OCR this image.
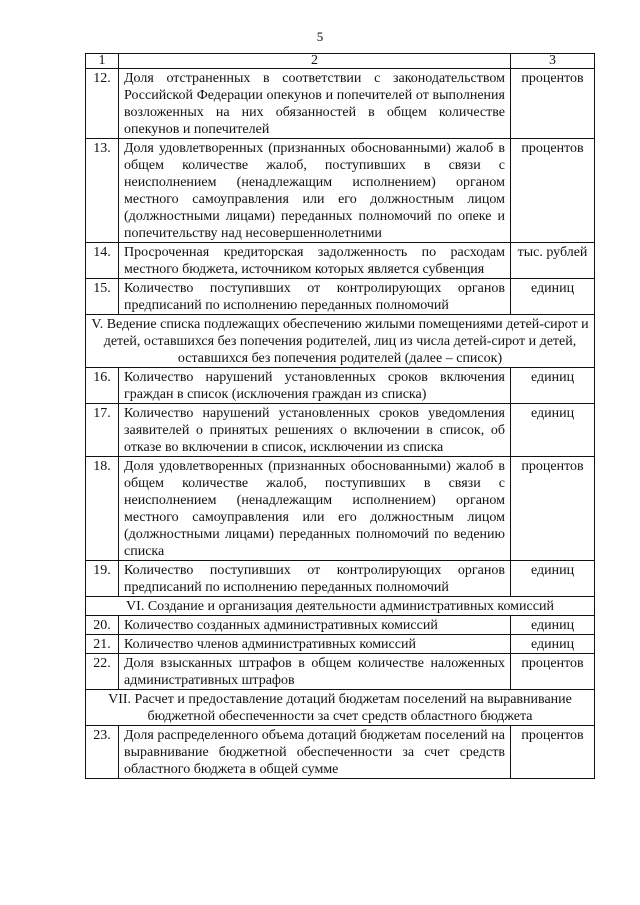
5
1	2	3
12.	Доля отстраненных в соответствии с законодательством Российской Федерации опекунов и попечителей от выполнения возложенных на них обязанностей в общем количестве опекунов и попечителей	процентов
13.	Доля удовлетворенных (признанных обоснованными) жалоб в общем количестве жалоб, поступивших в связи с неисполнением (ненадлежащим исполнением) органом местного самоуправления или его должностным лицом (должностными лицами) переданных полномочий по опеке и попечительству над несовершеннолетними	процентов
14.	Просроченная кредиторская задолженность по расходам местного бюджета, источником которых является субвенция	тыс. рублей
15.	Количество поступивших от контролирующих органов предписаний по исполнению переданных полномочий	единиц
V. Ведение списка подлежащих обеспечению жилыми помещениями детей-сирот и детей, оставшихся без попечения родителей, лиц из числа детей-сирот и детей, оставшихся без попечения родителей (далее – список)		
16.	Количество нарушений установленных сроков включения граждан в список (исключения граждан из списка)	единиц
17.	Количество нарушений установленных сроков уведомления заявителей о принятых решениях о включении в список, об отказе во включении в список, исключении из списка	единиц
18.	Доля удовлетворенных (признанных обоснованными) жалоб в общем количестве жалоб, поступивших в связи с неисполнением (ненадлежащим исполнением) органом местного самоуправления или его должностным лицом (должностными лицами) переданных полномочий по ведению списка	процентов
19.	Количество поступивших от контролирующих органов предписаний по исполнению переданных полномочий	единиц
VI. Создание и организация деятельности административных комиссий		
20.	Количество созданных административных комиссий	единиц
21.	Количество членов административных комиссий	единиц
22.	Доля взысканных штрафов в общем количестве наложенных административных штрафов	процентов
VII. Расчет и предоставление дотаций бюджетам поселений на выравнивание бюджетной обеспеченности за счет средств областного бюджета		
23.	Доля распределенного объема дотаций бюджетам поселений на выравнивание бюджетной обеспеченности за счет средств областного бюджета в общей сумме	процентов
